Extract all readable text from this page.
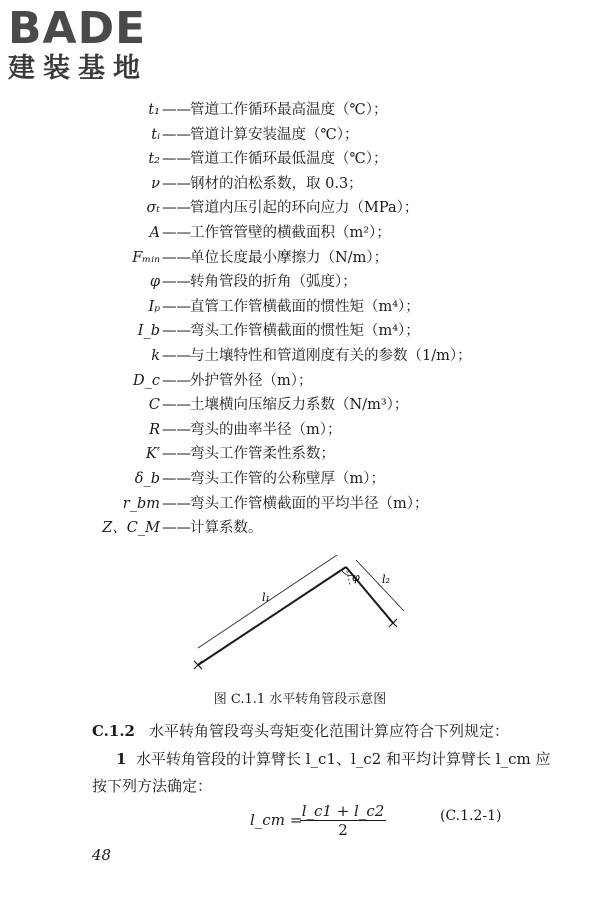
BADE
建装基地
t₁ —— 管道工作循环最高温度（℃）；
tᵢ —— 管道计算安装温度（℃）；
t₂ —— 管道工作循环最低温度（℃）；
ν —— 钢材的泊松系数，取 0.3；
σₜ —— 管道内压引起的环向应力（MPa）；
A —— 工作管管壁的横截面积（m²）；
Fₘᵢₙ —— 单位长度最小摩擦力（N/m）；
φ —— 转角管段的折角（弧度）；
Iₚ —— 直管工作管横截面的惯性矩（m⁴）；
I_b —— 弯头工作管横截面的惯性矩（m⁴）；
k —— 与土壤特性和管道刚度有关的参数（1/m）；
D_c —— 外护管外径（m）；
C —— 土壤横向压缩反力系数（N/m³）；
R —— 弯头的曲率半径（m）；
K′ —— 弯头工作管柔性系数；
δ_b —— 弯头工作管的公称壁厚（m）；
r_bm —— 弯头工作管横截面的平均半径（m）；
Z、C_M —— 计算系数。
l₁
l₂
φ
图 C.1.1 水平转角管段示意图
C.1.2 水平转角管段弯头弯矩变化范围计算应符合下列规定：
1 水平转角管段的计算臂长 l_c1、l_c2 和平均计算臂长 l_cm 应
按下列方法确定：
l_cm = l_c1 + l_c2
2
(C.1.2-1)
48
